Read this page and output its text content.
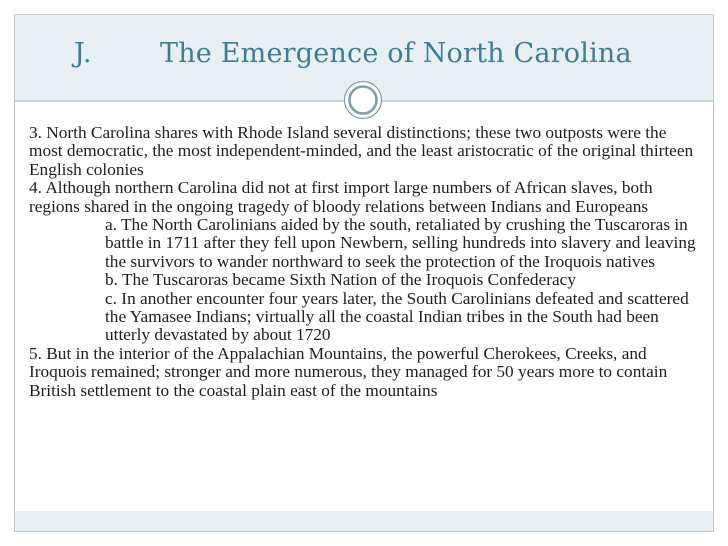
J.	The Emergence of North Carolina

3. North Carolina shares with Rhode Island several distinctions; these two outposts were the most democratic, the most independent-minded, and the least aristocratic of the original thirteen English colonies

4. Although northern Carolina did not at first import large numbers of African slaves, both regions shared in the ongoing tragedy of bloody relations between Indians and Europeans

a. The North Carolinians aided by the south, retaliated by crushing the Tuscaroras in battle in 1711 after they fell upon Newbern, selling hundreds into slavery and leaving the survivors to wander northward to seek the protection of the Iroquois natives

b. The Tuscaroras became Sixth Nation of the Iroquois Confederacy

c. In another encounter four years later, the South Carolinians defeated and scattered the Yamasee Indians; virtually all the coastal Indian tribes in the South had been utterly devastated by about 1720

5. But in the interior of the Appalachian Mountains, the powerful Cherokees, Creeks, and Iroquois remained; stronger and more numerous, they managed for 50 years more to contain British settlement to the coastal plain east of the mountains
